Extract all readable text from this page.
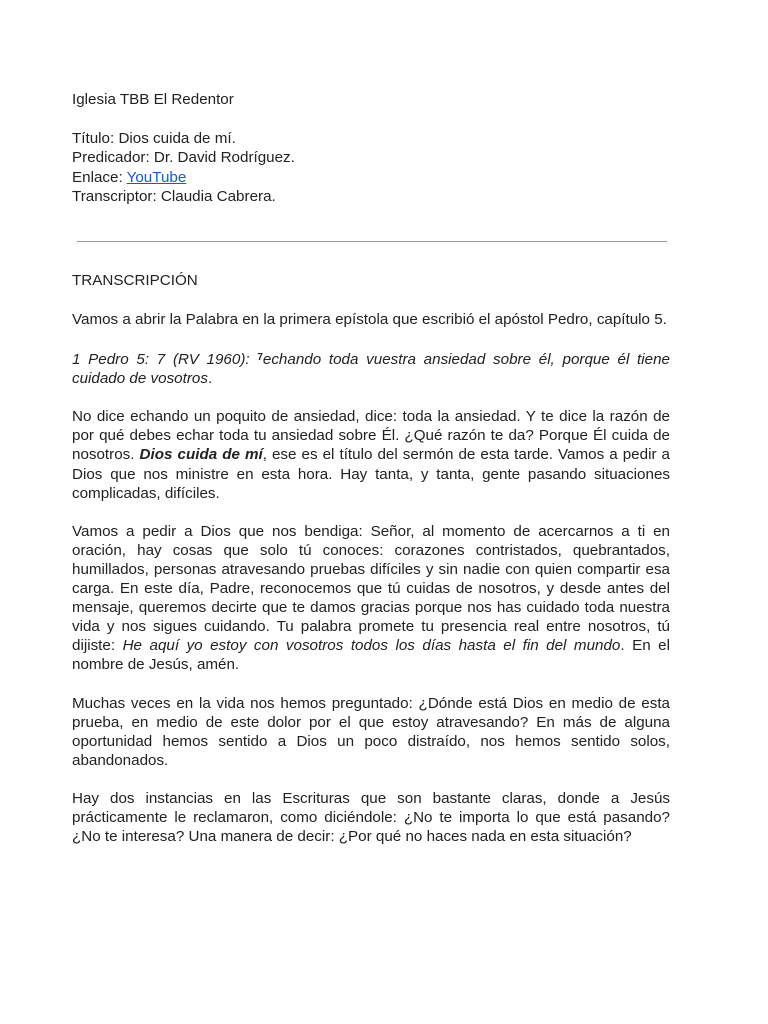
Iglesia TBB El Redentor

Título: Dios cuida de mí.

Predicador: Dr. David Rodríguez.

Enlace: YouTube

Transcriptor: Claudia Cabrera.

TRANSCRIPCIÓN

Vamos a abrir la Palabra en la primera epístola que escribió el apóstol Pedro, capítulo 5.

1 Pedro 5: 7 (RV 1960): $^7$echando toda vuestra ansiedad sobre él, porque él tiene cuidado de vosotros.

No dice echando un poquito de ansiedad, dice: toda la ansiedad. Y te dice la razón de por qué debes echar toda tu ansiedad sobre Él. ¿Qué razón te da? Porque Él cuida de nosotros. Dios cuida de mí, ese es el título del sermón de esta tarde. Vamos a pedir a Dios que nos ministre en esta hora. Hay tanta, y tanta, gente pasando situaciones complicadas, difíciles.

Vamos a pedir a Dios que nos bendiga: Señor, al momento de acercarnos a ti en oración, hay cosas que solo tú conoces: corazones contristados, quebrantados, humillados, personas atravesando pruebas difíciles y sin nadie con quien compartir esa carga. En este día, Padre, reconocemos que tú cuidas de nosotros, y desde antes del mensaje, queremos decirte que te damos gracias porque nos has cuidado toda nuestra vida y nos sigues cuidando. Tu palabra promete tu presencia real entre nosotros, tú dijiste: He aquí yo estoy con vosotros todos los días hasta el fin del mundo. En el nombre de Jesús, amén.

Muchas veces en la vida nos hemos preguntado: ¿Dónde está Dios en medio de esta prueba, en medio de este dolor por el que estoy atravesando? En más de alguna oportunidad hemos sentido a Dios un poco distraído, nos hemos sentido solos, abandonados.

Hay dos instancias en las Escrituras que son bastante claras, donde a Jesús prácticamente le reclamaron, como diciéndole: ¿No te importa lo que está pasando? ¿No te interesa? Una manera de decir: ¿Por qué no haces nada en esta situación?
